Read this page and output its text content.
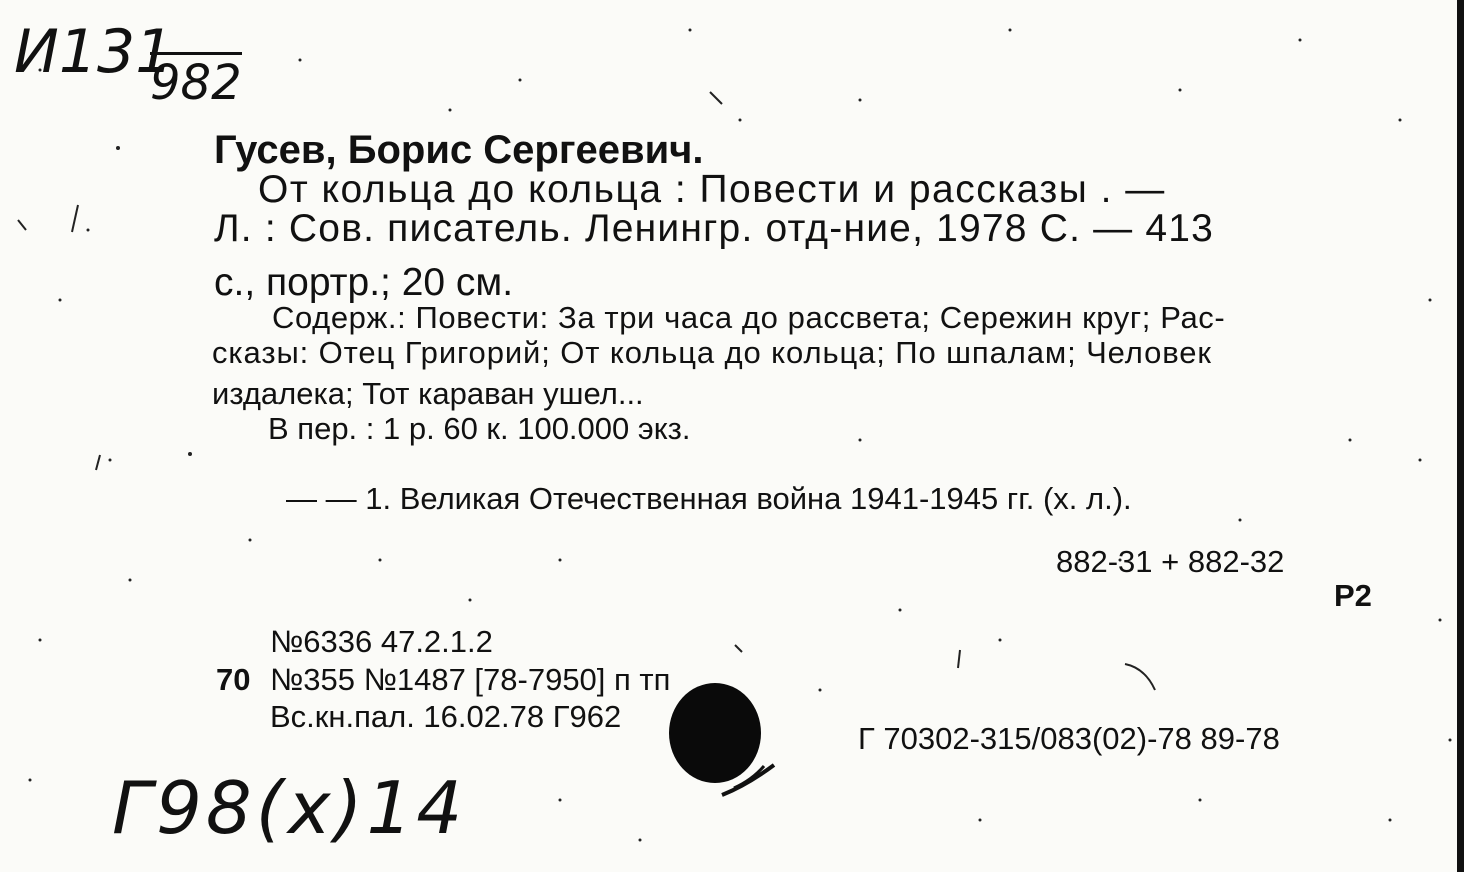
И131
982
Гусев, Борис Сергеевич.
От кольца до кольца : Повести и рассказы . —
Л. : Сов. писатель. Ленингр. отд-ние, 1978 С. — 413
с., портр.; 20 см.
Содерж.: Повести: За три часа до рассвета; Сережин круг; Рас-
сказы: Отец Григорий; От кольца до кольца; По шпалам; Человек
издалека; Тот караван ушел...
В пер. : 1 р. 60 к. 100.000 экз.
— — 1. Великая Отечественная война 1941-1945 гг. (х. л.).
882-31 + 882-32
Р2
№6336 47.2.1.2
70 №355 №1487 [78-7950] п тп
Вс.кн.пал. 16.02.78 Г962
Г 70302-315/083(02)-78 89-78
Г98(х)14
